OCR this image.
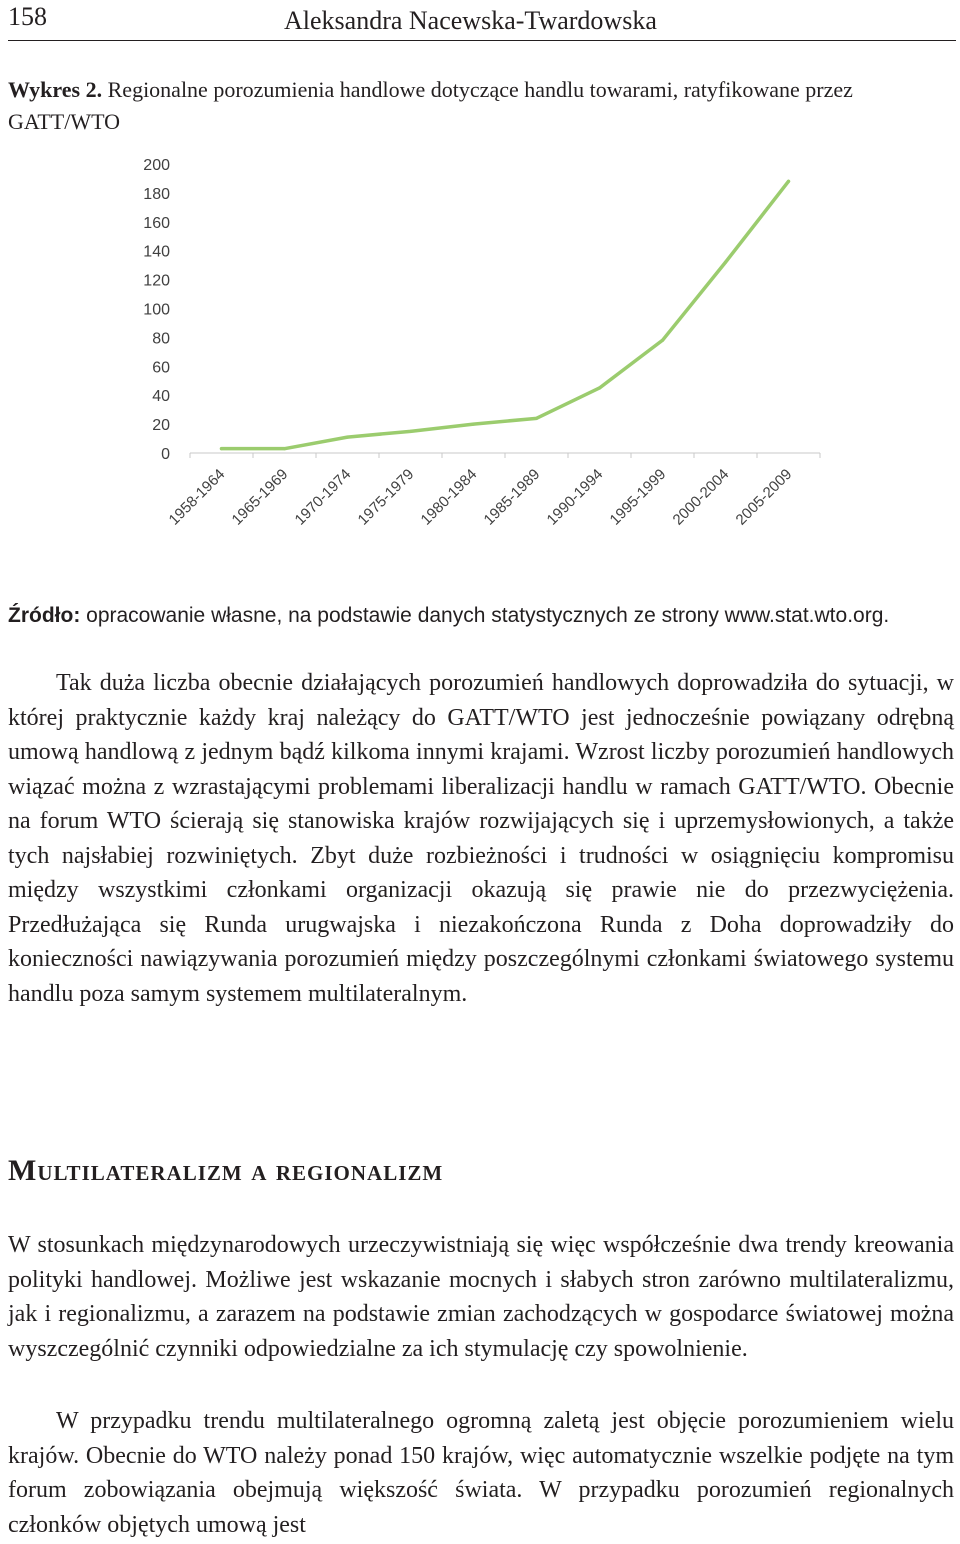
158	Aleksandra Nacewska-Twardowska
Wykres 2. Regionalne porozumienia handlowe dotyczące handlu towarami, ratyfikowane przez GATT/WTO
0
20
40
60
80
100
120
140
160
180
200
1958-1964 1965-1969 1970-1974 1975-1979 1980-1984 1985-1989 1990-1994 1995-1999 2000-2004 2005-2009
Źródło: opracowanie własne, na podstawie danych statystycznych ze strony www.stat.wto.org.

Tak duża liczba obecnie działających porozumień handlowych doprowadziła do sytuacji, w której praktycznie każdy kraj należący do GATT/WTO jest jednocześnie powiązany odrębną umową handlową z jednym bądź kilkoma innymi krajami. Wzrost liczby porozumień handlowych wiązać można z wzrastającymi problemami liberalizacji handlu w ramach GATT/WTO. Obecnie na forum WTO ścierają się stanowiska krajów rozwijających się i uprzemysłowionych, a także tych najsłabiej rozwiniętych. Zbyt duże rozbieżności i trudności w osiągnięciu kompromisu między wszystkimi członkami organizacji okazują się prawie nie do przezwyciężenia. Przedłużająca się Runda urugwajska i niezakończona Runda z Doha doprowadziły do konieczności nawiązywania porozumień między poszczególnymi członkami światowego systemu handlu poza samym systemem multilateralnym.

Multilateralizm a regionalizm

W stosunkach międzynarodowych urzeczywistniają się więc współcześnie dwa trendy kreowania polityki handlowej. Możliwe jest wskazanie mocnych i słabych stron zarówno multilateralizmu, jak i regionalizmu, a zarazem na podstawie zmian zachodzących w gospodarce światowej można wyszczególnić czynniki odpowiedzialne za ich stymulację czy spowolnienie.

W przypadku trendu multilateralnego ogromną zaletą jest objęcie porozumieniem wielu krajów. Obecnie do WTO należy ponad 150 krajów, więc automatycznie wszelkie podjęte na tym forum zobowiązania obejmują większość świata. W przypadku porozumień regionalnych członków objętych umową jest
